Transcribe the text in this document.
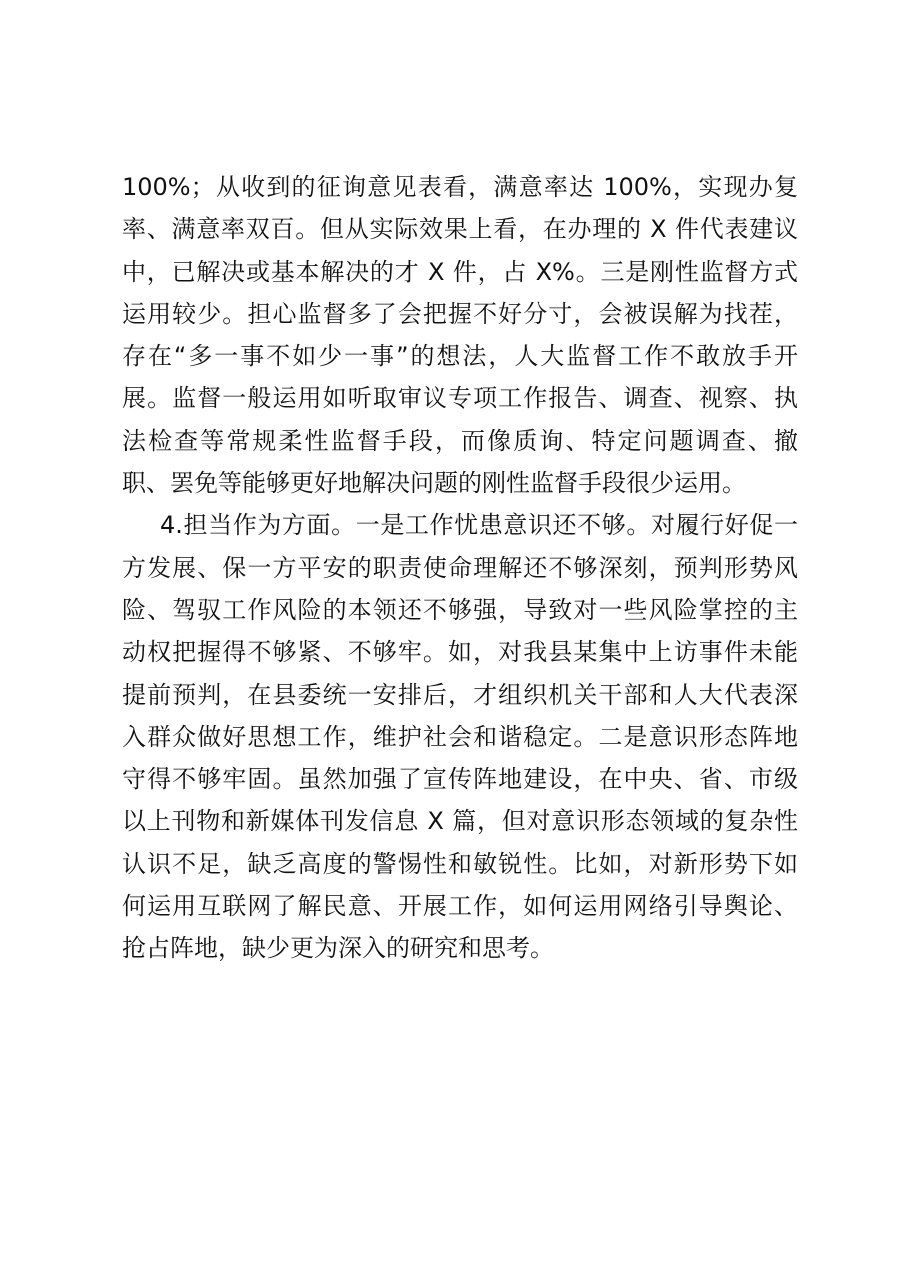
100%；从收到的征询意见表看，满意率达 100%，实现办复
率、满意率双百。但从实际效果上看，在办理的 X 件代表建议
中，已解决或基本解决的才 X 件，占 X%。三是刚性监督方式
运用较少。担心监督多了会把握不好分寸，会被误解为找茬，
存在“多一事不如少一事”的想法，人大监督工作不敢放手开
展。监督一般运用如听取审议专项工作报告、调查、视察、执
法检查等常规柔性监督手段，而像质询、特定问题调查、撤
职、罢免等能够更好地解决问题的刚性监督手段很少运用。
4.担当作为方面。一是工作忧患意识还不够。对履行好促一
方发展、保一方平安的职责使命理解还不够深刻，预判形势风
险、驾驭工作风险的本领还不够强，导致对一些风险掌控的主
动权把握得不够紧、不够牢。如，对我县某集中上访事件未能
提前预判，在县委统一安排后，才组织机关干部和人大代表深
入群众做好思想工作，维护社会和谐稳定。二是意识形态阵地
守得不够牢固。虽然加强了宣传阵地建设，在中央、省、市级
以上刊物和新媒体刊发信息 X 篇，但对意识形态领域的复杂性
认识不足，缺乏高度的警惕性和敏锐性。比如，对新形势下如
何运用互联网了解民意、开展工作，如何运用网络引导舆论、
抢占阵地，缺少更为深入的研究和思考。
